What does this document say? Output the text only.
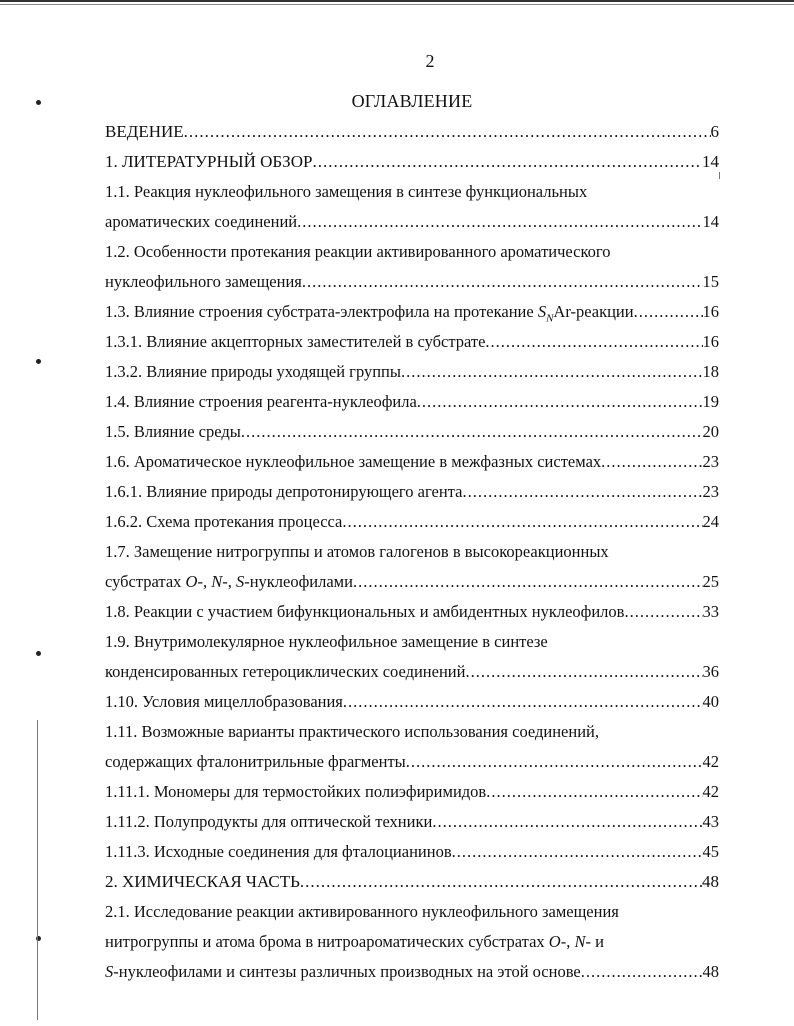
2
ОГЛАВЛЕНИЕ
ВЕДЕНИЕ .....	6
1. ЛИТЕРАТУРНЫЙ ОБЗОР .....	14
1.1. Реакция нуклеофильного замещения в синтезе функциональных
ароматических соединений .....	14
1.2. Особенности протекания реакции активированного ароматического
нуклеофильного замещения .....	15
1.3. Влияние строения субстрата-электрофила на протекание $S_NAr$-реакции .....	16
1.3.1. Влияние акцепторных заместителей в субстрате .....	16
1.3.2. Влияние природы уходящей группы .....	18
1.4. Влияние строения реагента-нуклеофила .....	19
1.5. Влияние среды .....	20
1.6. Ароматическое нуклеофильное замещение в межфазных системах .....	23
1.6.1. Влияние природы депротонирующего агента .....	23
1.6.2. Схема протекания процесса .....	24
1.7. Замещение нитрогруппы и атомов галогенов в высокореакционных
субстратах O-, N-, S-нуклеофилами .....	25
1.8. Реакции с участием бифункциональных и амбидентных нуклеофилов .....	33
1.9. Внутримолекулярное нуклеофильное замещение в синтезе
конденсированных гетероциклических соединений .....	36
1.10. Условия мицеллобразования .....	40
1.11. Возможные варианты практического использования соединений,
содержащих фталонитрильные фрагменты .....	42
1.11.1. Мономеры для термостойких полиэфиримидов .....	42
1.11.2. Полупродукты для оптической техники .....	43
1.11.3. Исходные соединения для фталоцианинов .....	45
2. ХИМИЧЕСКАЯ ЧАСТЬ .....	48
2.1. Исследование реакции активированного нуклеофильного замещения
нитрогруппы и атома брома в нитроароматических субстратах O-, N- и
S-нуклеофилами и синтезы различных производных на этой основе .....	48
